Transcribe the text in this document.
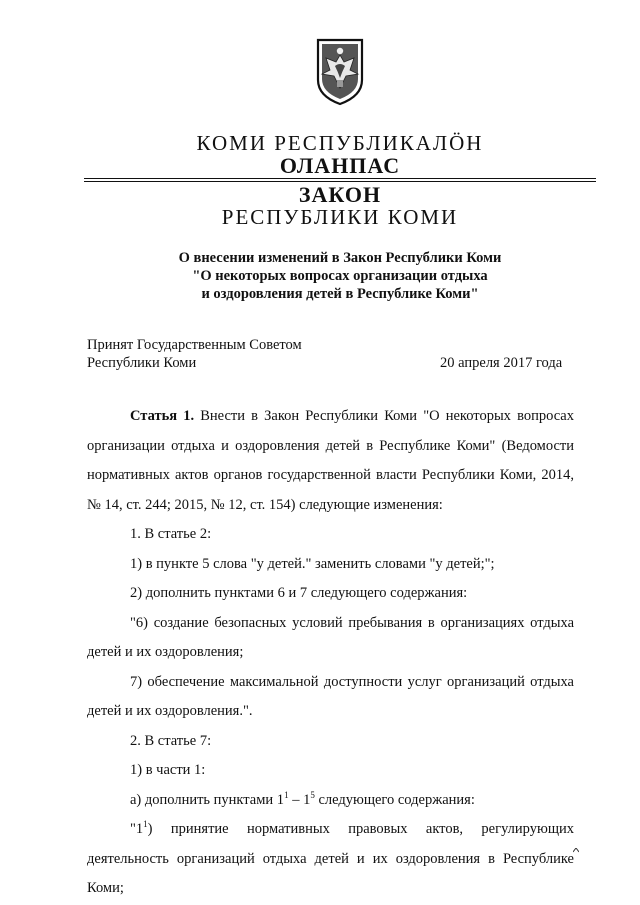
КОМИ РЕСПУБЛИКАЛÖН
ОЛАНПАС
ЗАКОН
РЕСПУБЛИКИ КОМИ
О внесении изменений в Закон Республики Коми
"О некоторых вопросах организации отдыха
и оздоровления детей в Республике Коми"
Принят Государственным Советом
Республики Коми	20 апреля 2017 года

Статья 1. Внести в Закон Республики Коми "О некоторых вопросах организации отдыха и оздоровления детей в Республике Коми" (Ведомости нормативных актов органов государственной власти Республики Коми, 2014, № 14, ст. 244; 2015, № 12, ст. 154) следующие изменения:

1. В статье 2:

1) в пункте 5 слова "у детей." заменить словами "у детей;";

2) дополнить пунктами 6 и 7 следующего содержания:

"6) создание безопасных условий пребывания в организациях отдыха детей и их оздоровления;

7) обеспечение максимальной доступности услуг организаций отдыха детей и их оздоровления.".

2. В статье 7:

1) в части 1:

а) дополнить пунктами $1^1 - 1^5$ следующего содержания:

"$1^1$) принятие нормативных правовых актов, регулирующих деятельность организаций отдыха детей и их оздоровления в Республике Коми;
